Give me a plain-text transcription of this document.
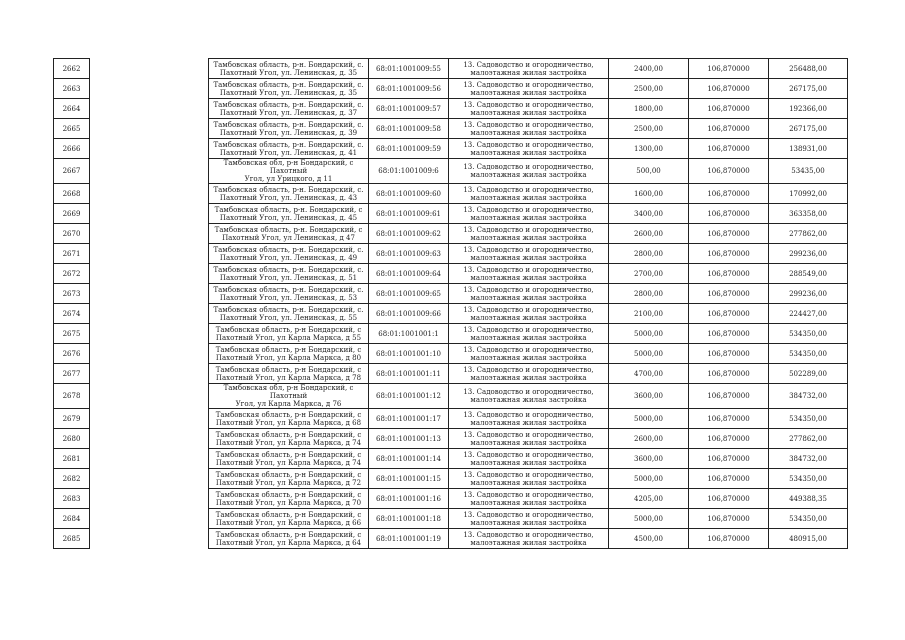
2662		Тамбовская область, р-н. Бондарский, с.
Пахотный Угол, ул. Ленинская, д. 35	68:01:1001009:55	13. Садоводство и огородничество,
малоэтажная жилая застройка	2400,00	106,870000	256488,00
2663		Тамбовская область, р-н. Бондарский, с.
Пахотный Угол, ул. Ленинская, д. 35	68:01:1001009:56	13. Садоводство и огородничество,
малоэтажная жилая застройка	2500,00	106,870000	267175,00
2664		Тамбовская область, р-н. Бондарский, с.
Пахотный Угол, ул. Ленинская, д. 37	68:01:1001009:57	13. Садоводство и огородничество,
малоэтажная жилая застройка	1800,00	106,870000	192366,00
2665		Тамбовская область, р-н. Бондарский, с.
Пахотный Угол, ул. Ленинская, д. 39	68:01:1001009:58	13. Садоводство и огородничество,
малоэтажная жилая застройка	2500,00	106,870000	267175,00
2666		Тамбовская область, р-н. Бондарский, с.
Пахотный Угол, ул. Ленинская, д. 41	68:01:1001009:59	13. Садоводство и огородничество,
малоэтажная жилая застройка	1300,00	106,870000	138931,00
2667		Тамбовская обл, р-н Бондарский, с Пахотный
Угол, ул Урицкого, д 11	68:01:1001009:6	13. Садоводство и огородничество,
малоэтажная жилая застройка	500,00	106,870000	53435,00
2668		Тамбовская область, р-н. Бондарский, с.
Пахотный Угол, ул. Ленинская, д. 43	68:01:1001009:60	13. Садоводство и огородничество,
малоэтажная жилая застройка	1600,00	106,870000	170992,00
2669		Тамбовская область, р-н. Бондарский, с
Пахотный Угол, ул. Ленинская, д. 45	68:01:1001009:61	13. Садоводство и огородничество,
малоэтажная жилая застройка	3400,00	106,870000	363358,00
2670		Тамбовская область, р-н. Бондарский, с
Пахотный Угол, ул Ленинская, д 47	68:01:1001009:62	13. Садоводство и огородничество,
малоэтажная жилая застройка	2600,00	106,870000	277862,00
2671		Тамбовская область, р-н. Бондарский, с.
Пахотный Угол, ул. Ленинская, д. 49	68:01:1001009:63	13. Садоводство и огородничество,
малоэтажная жилая застройка	2800,00	106,870000	299236,00
2672		Тамбовская область, р-н. Бондарский, с.
Пахотный Угол, ул. Ленинская, д. 51	68:01:1001009:64	13. Садоводство и огородничество,
малоэтажная жилая застройка	2700,00	106,870000	288549,00
2673		Тамбовская область, р-н. Бондарский, с.
Пахотный Угол, ул. Ленинская, д. 53	68:01:1001009:65	13. Садоводство и огородничество,
малоэтажная жилая застройка	2800,00	106,870000	299236,00
2674		Тамбовская область, р-н. Бондарский, с.
Пахотный Угол, ул. Ленинская, д. 55	68:01:1001009:66	13. Садоводство и огородничество,
малоэтажная жилая застройка	2100,00	106,870000	224427,00
2675		Тамбовская область, р-н Бондарский, с
Пахотный Угол, ул Карла Маркса, д 55	68:01:1001001:1	13. Садоводство и огородничество,
малоэтажная жилая застройка	5000,00	106,870000	534350,00
2676		Тамбовская область, р-н Бондарский, с
Пахотный Угол, ул Карла Маркса, д 80	68:01:1001001:10	13. Садоводство и огородничество,
малоэтажная жилая застройка	5000,00	106,870000	534350,00
2677		Тамбовская область, р-н Бондарский, с
Пахотный Угол, ул Карла Маркса, д 78	68:01:1001001:11	13. Садоводство и огородничество,
малоэтажная жилая застройка	4700,00	106,870000	502289,00
2678		Тамбовская обл, р-н Бондарский, с Пахотный
Угол, ул Карла Маркса, д 76	68:01:1001001:12	13. Садоводство и огородничество,
малоэтажная жилая застройка	3600,00	106,870000	384732,00
2679		Тамбовская область, р-н Бондарский, с
Пахотный Угол, ул Карла Маркса, д 68	68:01:1001001:17	13. Садоводство и огородничество,
малоэтажная жилая застройка	5000,00	106,870000	534350,00
2680		Тамбовская область, р-н Бондарский, с
Пахотный Угол, ул Карла Маркса, д 74	68:01:1001001:13	13. Садоводство и огородничество,
малоэтажная жилая застройка	2600,00	106,870000	277862,00
2681		Тамбовская область, р-н Бондарский, с
Пахотный Угол, ул Карла Маркса, д 74	68:01:1001001:14	13. Садоводство и огородничество,
малоэтажная жилая застройка	3600,00	106,870000	384732,00
2682		Тамбовская область, р-н Бондарский, с
Пахотный Угол, ул Карла Маркса, д 72	68:01:1001001:15	13. Садоводство и огородничество,
малоэтажная жилая застройка	5000,00	106,870000	534350,00
2683		Тамбовская область, р-н Бондарский, с
Пахотный Угол, ул Карла Маркса, д 70	68:01:1001001:16	13. Садоводство и огородничество,
малоэтажная жилая застройка	4205,00	106,870000	449388,35
2684		Тамбовская область, р-н Бондарский, с
Пахотный Угол, ул Карла Маркса, д 66	68:01:1001001:18	13. Садоводство и огородничество,
малоэтажная жилая застройка	5000,00	106,870000	534350,00
2685		Тамбовская область, р-н Бондарский, с
Пахотный Угол, ул Карла Маркса, д 64	68:01:1001001:19	13. Садоводство и огородничество,
малоэтажная жилая застройка	4500,00	106,870000	480915,00
